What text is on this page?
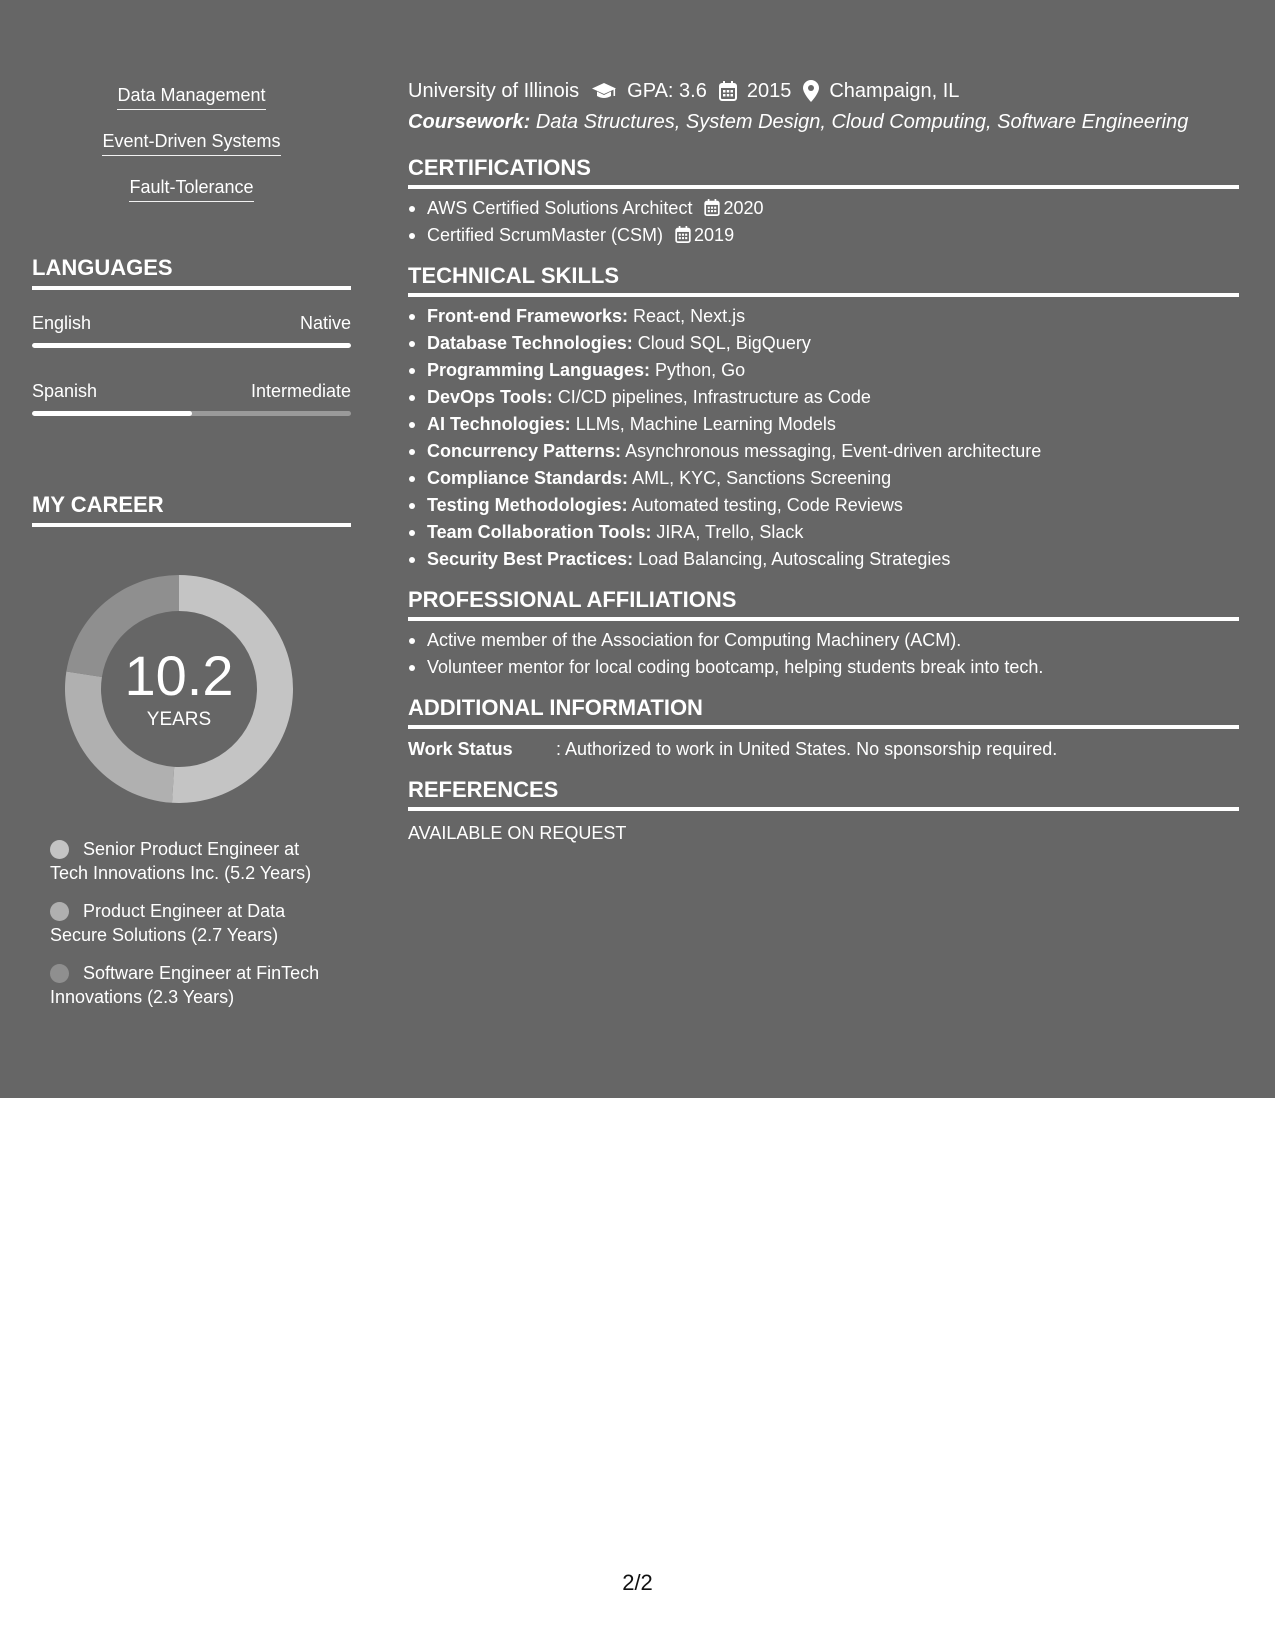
Data Management
Event-Driven Systems
Fault-Tolerance
LANGUAGES
English	Native
Spanish	Intermediate
MY CAREER
10.2
YEARS
Senior Product Engineer at Tech Innovations Inc. (5.2 Years)
Product Engineer at Data Secure Solutions (2.7 Years)
Software Engineer at FinTech Innovations (2.3 Years)
University of Illinois GPA: 3.6 2015 Champaign, IL
Coursework: Data Structures, System Design, Cloud Computing, Software Engineering
CERTIFICATIONS
AWS Certified Solutions Architect 2020
Certified ScrumMaster (CSM) 2019
TECHNICAL SKILLS
Front-end Frameworks: React, Next.js
Database Technologies: Cloud SQL, BigQuery
Programming Languages: Python, Go
DevOps Tools: CI/CD pipelines, Infrastructure as Code
AI Technologies: LLMs, Machine Learning Models
Concurrency Patterns: Asynchronous messaging, Event-driven architecture
Compliance Standards: AML, KYC, Sanctions Screening
Testing Methodologies: Automated testing, Code Reviews
Team Collaboration Tools: JIRA, Trello, Slack
Security Best Practices: Load Balancing, Autoscaling Strategies
PROFESSIONAL AFFILIATIONS
Active member of the Association for Computing Machinery (ACM).
Volunteer mentor for local coding bootcamp, helping students break into tech.
ADDITIONAL INFORMATION
Work Status : Authorized to work in United States. No sponsorship required.
REFERENCES
AVAILABLE ON REQUEST
2/2
